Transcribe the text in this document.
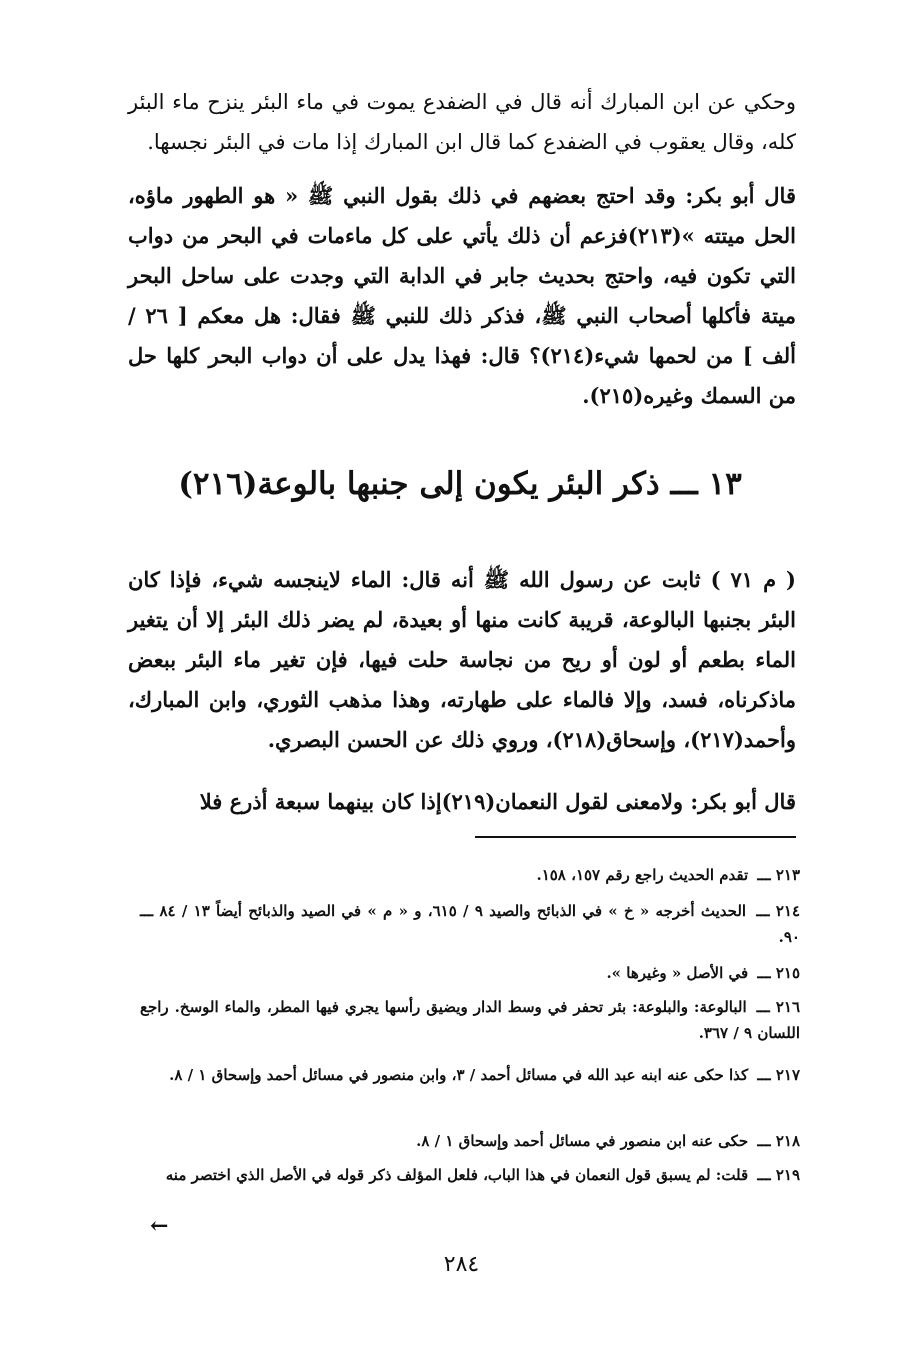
وحكي عن ابن المبارك أنه قال في الضفدع يموت في ماء البئر ينزح ماء البئر كله، وقال يعقوب في الضفدع كما قال ابن المبارك إذا مات في البئر نجسها.

قال أبو بكر: وقد احتج بعضهم في ذلك بقول النبي ﷺ « هو الطهور ماؤه، الحل ميتته »(٢١٣)فزعم أن ذلك يأتي على كل ماءمات في البحر من دواب التي تكون فيه، واحتج بحديث جابر في الدابة التي وجدت على ساحل البحر ميتة فأكلها أصحاب النبي ﷺ، فذكر ذلك للنبي ﷺ فقال: هل معكم [ ٢٦ / ألف ] من لحمها شيء(٢١٤)؟ قال: فهذا يدل على أن دواب البحر كلها حل من السمك وغيره(٢١٥).

١٣ ـــ ذكر البئر يكون إلى جنبها بالوعة(٢١٦)

( م ٧١ ) ثابت عن رسول الله ﷺ أنه قال: الماء لاينجسه شيء، فإذا كان البئر بجنبها البالوعة، قريبة كانت منها أو بعيدة، لم يضر ذلك البئر إلا أن يتغير الماء بطعم أو لون أو ريح من نجاسة حلت فيها، فإن تغير ماء البئر ببعض ماذكرناه، فسد، وإلا فالماء على طهارته، وهذا مذهب الثوري، وابن المبارك، وأحمد(٢١٧)، وإسحاق(٢١٨)، وروي ذلك عن الحسن البصري.

قال أبو بكر: ولامعنى لقول النعمان(٢١٩)إذا كان بينهما سبعة أذرع فلا

٢١٣ ـــ تقدم الحديث راجع رقم ١٥٧، ١٥٨.
٢١٤ ـــ الحديث أخرجه « خ » في الذبائح والصيد ٩ / ٦١٥، و « م » في الصيد والذبائح أيضاً ١٣ / ٨٤ ـــ ٩٠.
٢١٥ ـــ في الأصل « وغيرها ».
٢١٦ ـــ البالوعة: والبلوعة: بئر تحفر في وسط الدار ويضيق رأسها يجري فيها المطر، والماء الوسخ. راجع اللسان ٩ / ٣٦٧.
٢١٧ ـــ كذا حكى عنه ابنه عبد الله في مسائل أحمد / ٣، وابن منصور في مسائل أحمد وإسحاق ١ / ٨.
٢١٨ ـــ حكى عنه ابن منصور في مسائل أحمد وإسحاق ١ / ٨.
٢١٩ ـــ قلت: لم يسبق قول النعمان في هذا الباب، فلعل المؤلف ذكر قوله في الأصل الذي اختصر منه
←
٢٨٤
